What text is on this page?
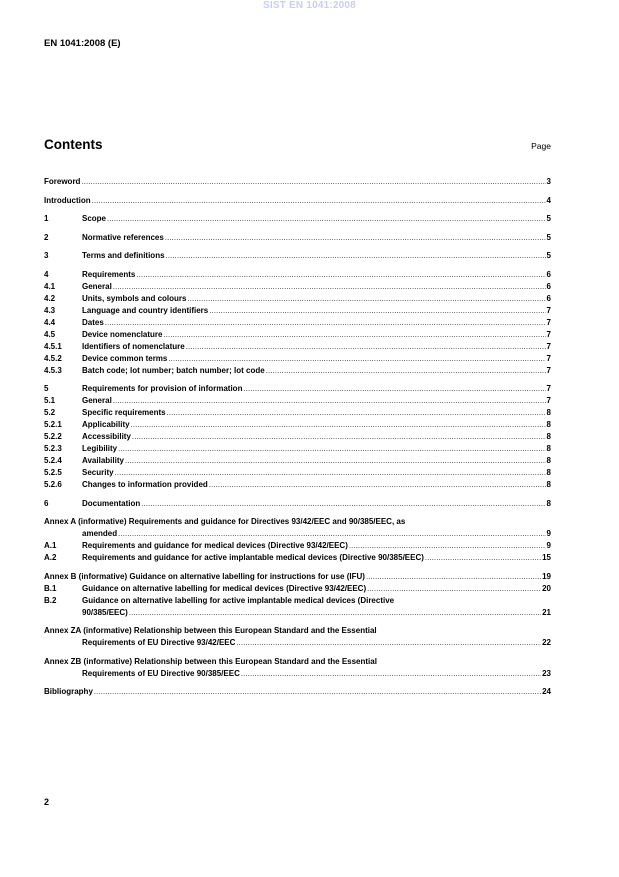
SIST EN 1041:2008
EN 1041:2008 (E)
Contents	Page
Foreword .....	3
Introduction .....	4
1	Scope .....	5
2	Normative references .....	5
3	Terms and definitions .....	5
4	Requirements .....	6
4.1	General .....	6
4.2	Units, symbols and colours .....	6
4.3	Language and country identifiers .....	7
4.4	Dates .....	7
4.5	Device nomenclature .....	7
4.5.1	Identifiers of nomenclature .....	7
4.5.2	Device common terms .....	7
4.5.3	Batch code; lot number; batch number; lot code .....	7
5	Requirements for provision of information .....	7
5.1	General .....	7
5.2	Specific requirements .....	8
5.2.1	Applicability .....	8
5.2.2	Accessibility .....	8
5.2.3	Legibility .....	8
5.2.4	Availability .....	8
5.2.5	Security .....	8
5.2.6	Changes to information provided .....	8
6	Documentation .....	8
Annex A (informative) Requirements and guidance for Directives 93/42/EEC and 90/385/EEC, as
amended .....	9
A.1	Requirements and guidance for medical devices (Directive 93/42/EEC) .....	9
A.2	Requirements and guidance for active implantable medical devices (Directive 90/385/EEC) .....	15
Annex B (informative) Guidance on alternative labelling for instructions for use (IFU) .....	19
B.1	Guidance on alternative labelling for medical devices (Directive 93/42/EEC) .....	20
B.2	Guidance on alternative labelling for active implantable medical devices (Directive
90/385/EEC) .....	21
Annex ZA (informative) Relationship between this European Standard and the Essential
Requirements of EU Directive 93/42/EEC .....	22
Annex ZB (informative) Relationship between this European Standard and the Essential
Requirements of EU Directive 90/385/EEC .....	23
Bibliography .....	24
2
